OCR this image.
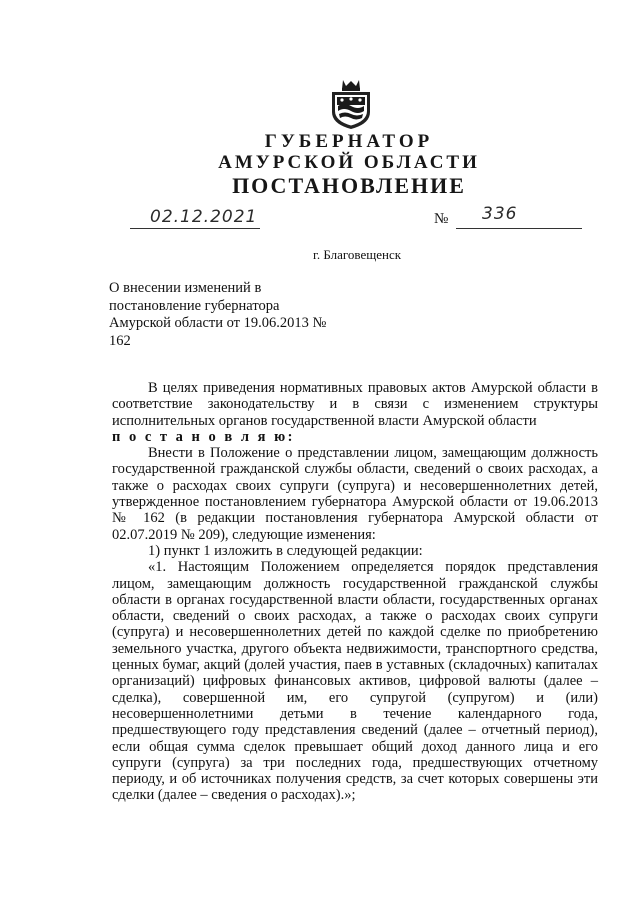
ГУБЕРНАТОР
АМУРСКОЙ ОБЛАСТИ
ПОСТАНОВЛЕНИЕ
02.12.2021	№ 336
г. Благовещенск
О внесении изменений в постановление губернатора Амурской области от 19.06.2013 № 162

В целях приведения нормативных правовых актов Амурской области в соответствие законодательству и в связи с изменением структуры исполнительных органов государственной власти Амурской области

п о с т а н о в л я ю:

Внести в Положение о представлении лицом, замещающим должность государственной гражданской службы области, сведений о своих расходах, а также о расходах своих супруги (супруга) и несовершеннолетних детей, утвержденное постановлением губернатора Амурской области от 19.06.2013 № 162 (в редакции постановления губернатора Амурской области от 02.07.2019 № 209), следующие изменения:

1) пункт 1 изложить в следующей редакции:

«1. Настоящим Положением определяется порядок представления лицом, замещающим должность государственной гражданской службы области в органах государственной власти области, государственных органах области, сведений о своих расходах, а также о расходах своих супруги (супруга) и несовершеннолетних детей по каждой сделке по приобретению земельного участка, другого объекта недвижимости, транспортного средства, ценных бумаг, акций (долей участия, паев в уставных (складочных) капиталах организаций) цифровых финансовых активов, цифровой валюты (далее – сделка), совершенной им, его супругой (супругом) и (или) несовершеннолетними детьми в течение календарного года, предшествующего году представления сведений (далее – отчетный период), если общая сумма сделок превышает общий доход данного лица и его супруги (супруга) за три последних года, предшествующих отчетному периоду, и об источниках получения средств, за счет которых совершены эти сделки (далее – сведения о расходах).»;
